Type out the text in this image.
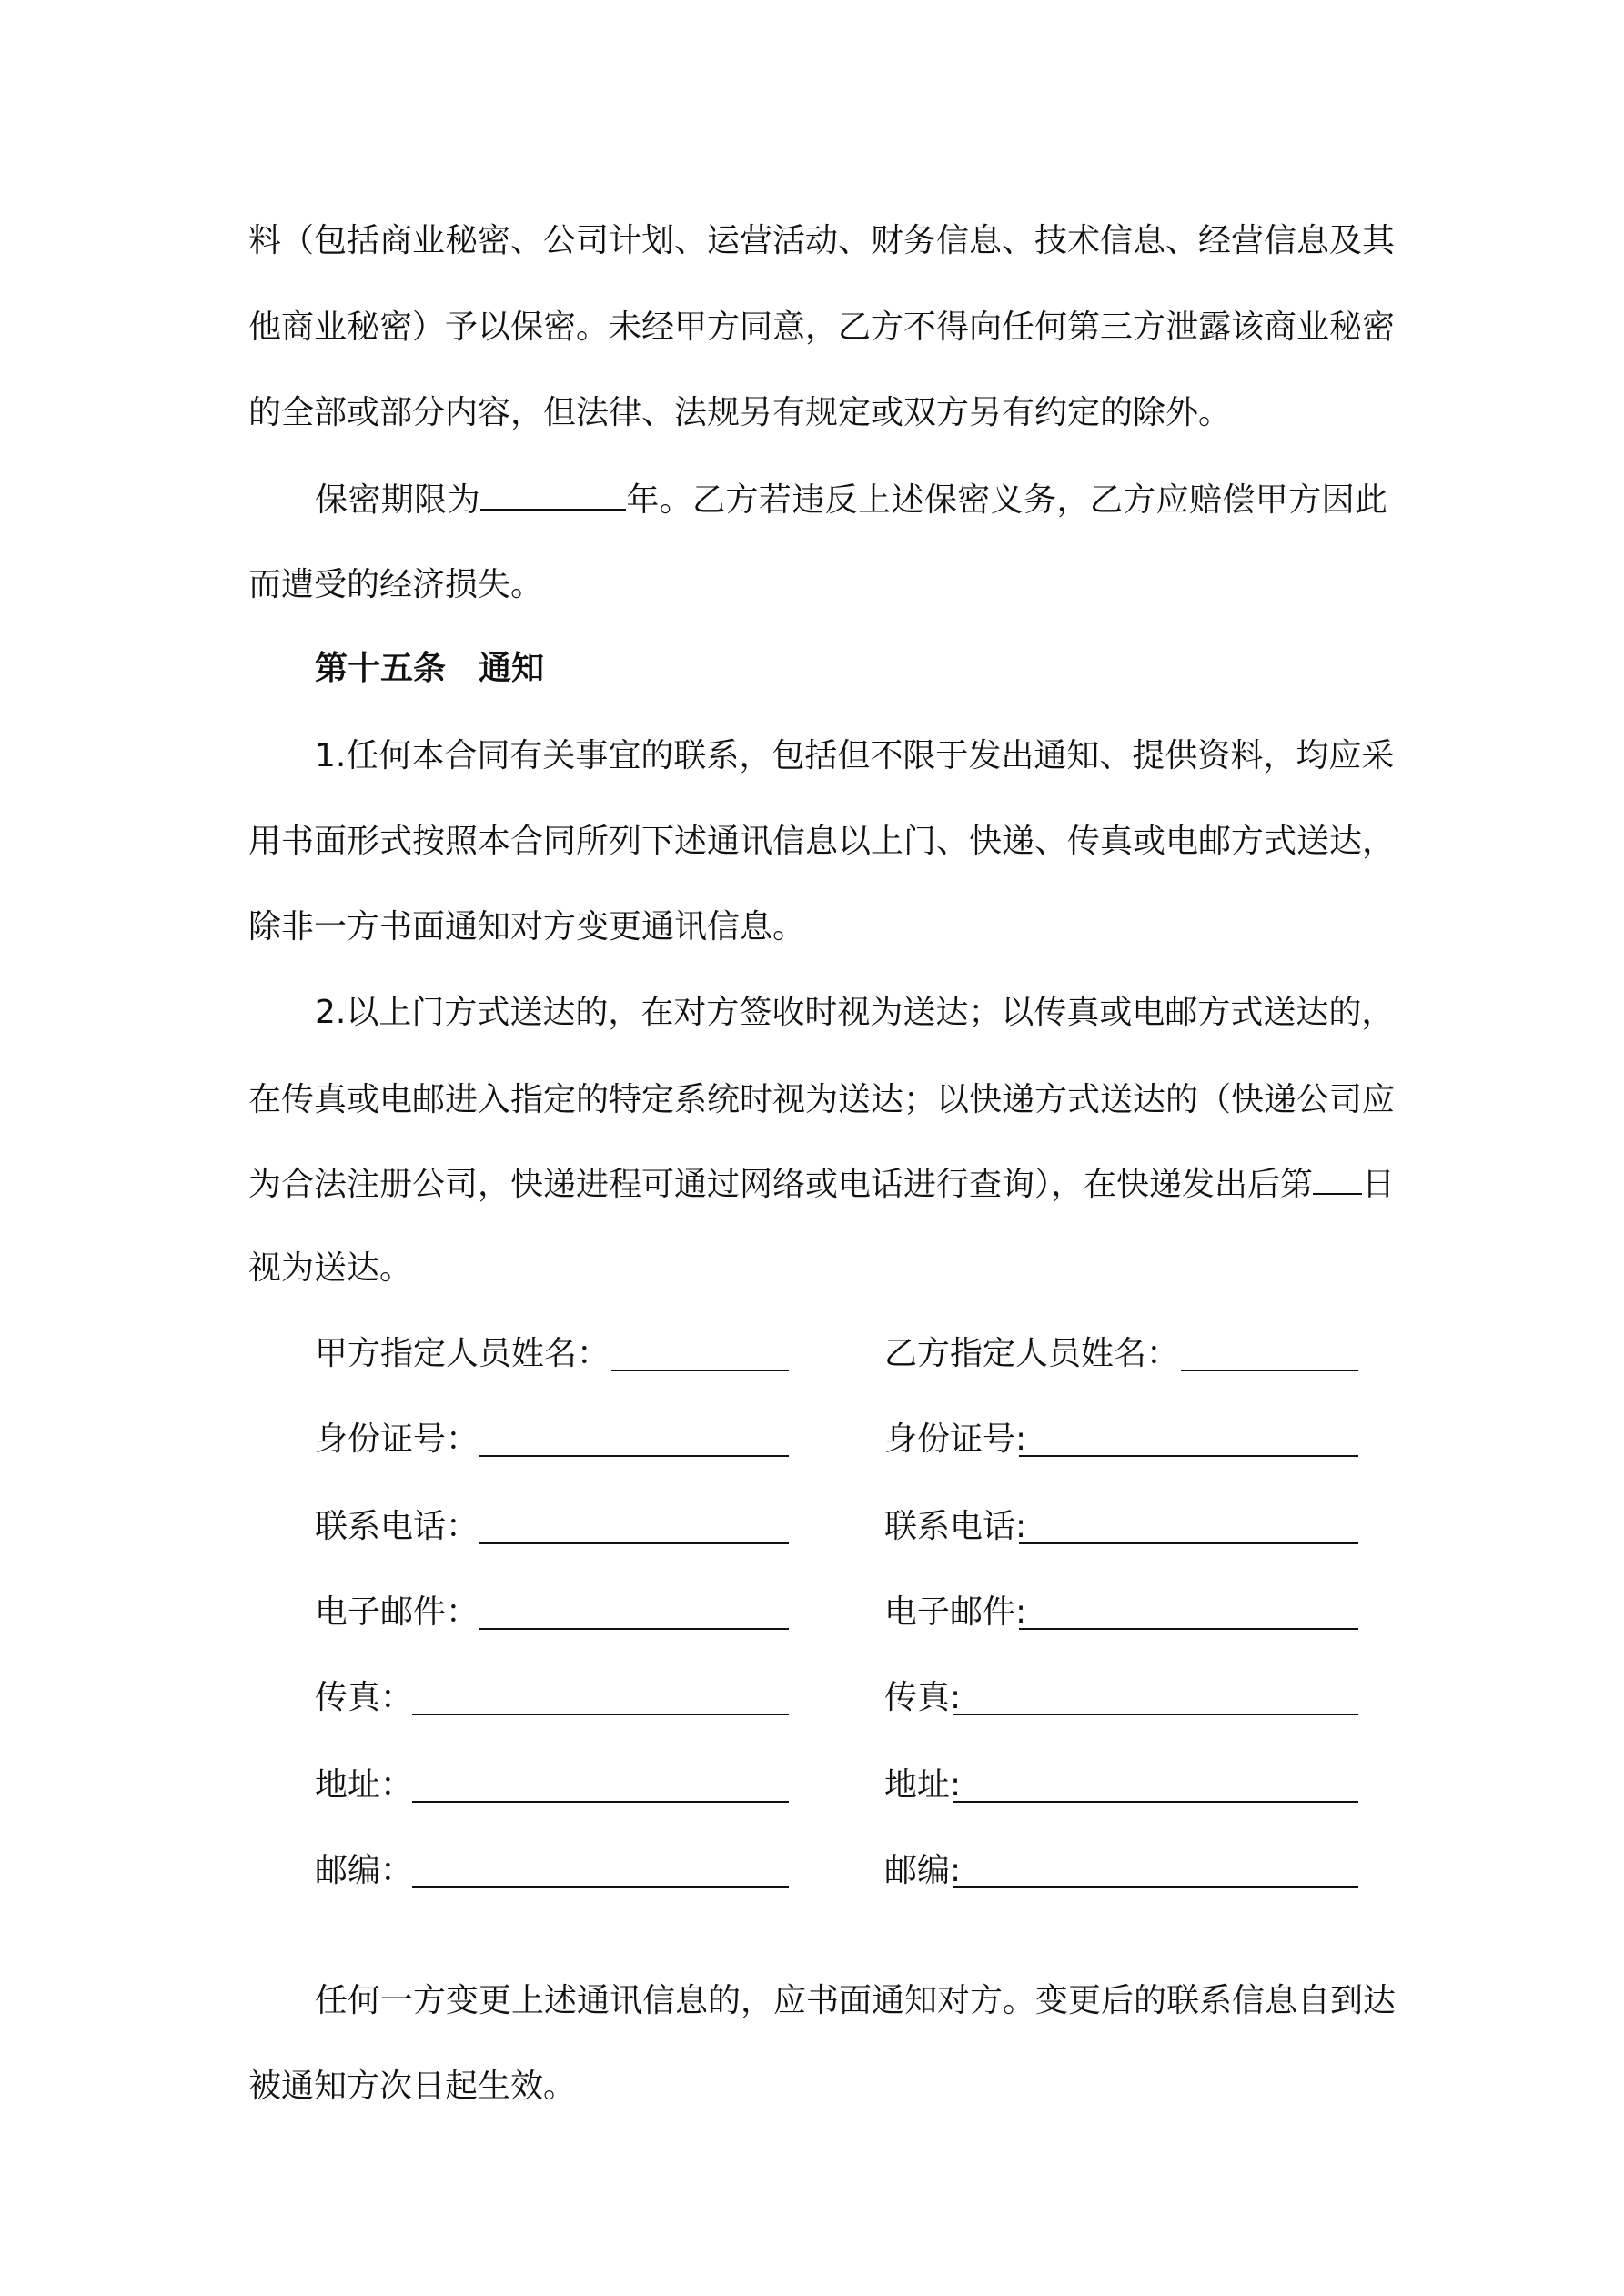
料（包括商业秘密、公司计划、运营活动、财务信息、技术信息、经营信息及其
他商业秘密）予以保密。未经甲方同意，乙方不得向任何第三方泄露该商业秘密
的全部或部分内容，但法律、法规另有规定或双方另有约定的除外。
保密期限为	年。乙方若违反上述保密义务，乙方应赔偿甲方因此
而遭受的经济损失。
第十五条　通知
1.任何本合同有关事宜的联系，包括但不限于发出通知、提供资料，均应采
用书面形式按照本合同所列下述通讯信息以上门、快递、传真或电邮方式送达，
除非一方书面通知对方变更通讯信息。
2.以上门方式送达的，在对方签收时视为送达；以传真或电邮方式送达的，
在传真或电邮进入指定的特定系统时视为送达；以快递方式送达的（快递公司应
为合法注册公司，快递进程可通过网络或电话进行查询），在快递发出后第 日
视为送达。
甲方指定人员姓名：
身份证号：
联系电话：
电子邮件：
传真：
地址：
邮编：
乙方指定人员姓名：
身份证号:
联系电话:
电子邮件:
传真:
地址:
邮编:
任何一方变更上述通讯信息的，应书面通知对方。变更后的联系信息自到达
被通知方次日起生效。
